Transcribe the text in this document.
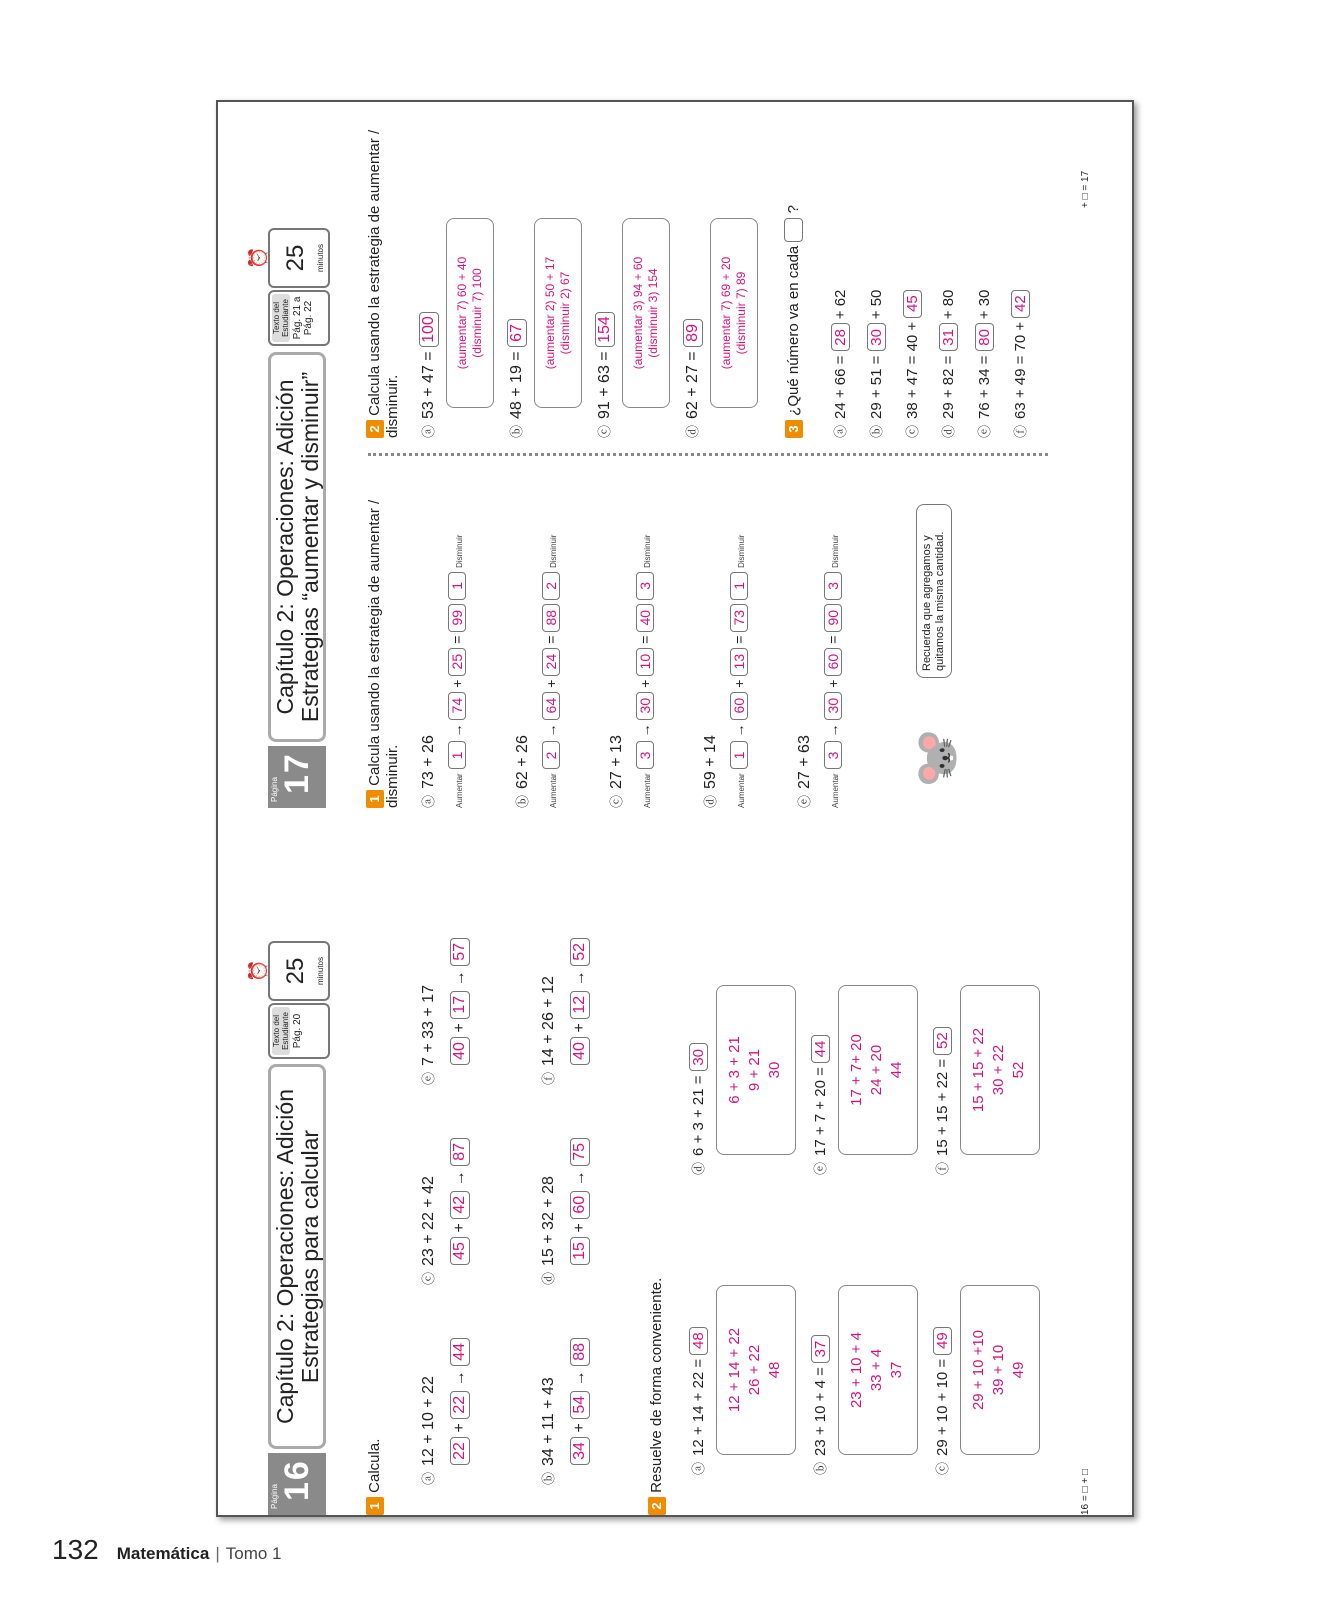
Página 17
Capítulo 2: Operaciones: Adición Estrategias “aumentar y disminuir”
Texto del Estudiante Pág. 21 a Pág. 22
⏰ 25 minutos
1 Calcula usando la estrategia de aumentar / disminuir. ⓐ73 + 26
Aumentar 1 → 74 + 25 = 99 1 Disminuir
ⓑ62 + 26
Aumentar 2 → 64 + 24 = 88 2 Disminuir
ⓒ27 + 13
Aumentar 3 → 30 + 10 = 40 3 Disminuir
ⓓ59 + 14
Aumentar 1 → 60 + 13 = 73 1 Disminuir
ⓔ27 + 63
Aumentar 3 → 30 + 60 = 90 3 Disminuir	Recuerda que agregamos y quitamos la misma cantidad.
🐭
2 Calcula usando la estrategia de aumentar / disminuir. ⓐ53 + 47 = 100 (aumentar 7) 60 + 40 (disminuir 7) 100
ⓑ48 + 19 = 67 (aumentar 2) 50 + 17 (disminuir 2) 67
ⓒ91 + 63 = 154 (aumentar 3) 94 + 60 (disminuir 3) 154
ⓓ62 + 27 = 89 (aumentar 7) 69 + 20 (disminuir 7) 89
3 ¿Qué número va en cada    ?
ⓐ24 + 66 = 28 + 62
ⓑ29 + 51 = 30 + 50
ⓒ38 + 47 = 40 + 45
ⓓ29 + 82 = 31 + 80
ⓔ76 + 34 = 80 + 30
ⓕ63 + 49 = 70 + 42
+ □ = 17
Página 16
Capítulo 2: Operaciones: Adición Estrategias para calcular
Texto del Estudiante Pág. 20
⏰ 25 minutos
1 Calcula.	ⓐ12 + 10 + 22 22 + 22 → 44
ⓒ23 + 22 + 42 45 + 42 → 87
ⓔ7 + 33 + 17 40 + 17 → 57
ⓑ34 + 11 + 43 34 + 54 → 88
ⓓ15 + 32 + 28 15 + 60 → 75
ⓕ14 + 26 + 12 40 + 12 → 52
2 Resuelve de forma conveniente. ⓐ12 + 14 + 22 = 48 12 + 14 + 22 26 + 22 48
ⓓ6 + 3 + 21 = 30 6 + 3 + 21 9 + 21 30
ⓑ23 + 10 + 4 = 37 23 + 10 + 4 33 + 4 37
ⓔ17 + 7 + 20 = 44 17 + 7+ 20 24 + 20 44
ⓒ29 + 10 + 10 = 49 29 + 10 +10 39 + 10 49
ⓕ15 + 15 + 22 = 52 15 + 15 + 22 30 + 22 52
16 = □ + □
132 Matemática | Tomo 1
